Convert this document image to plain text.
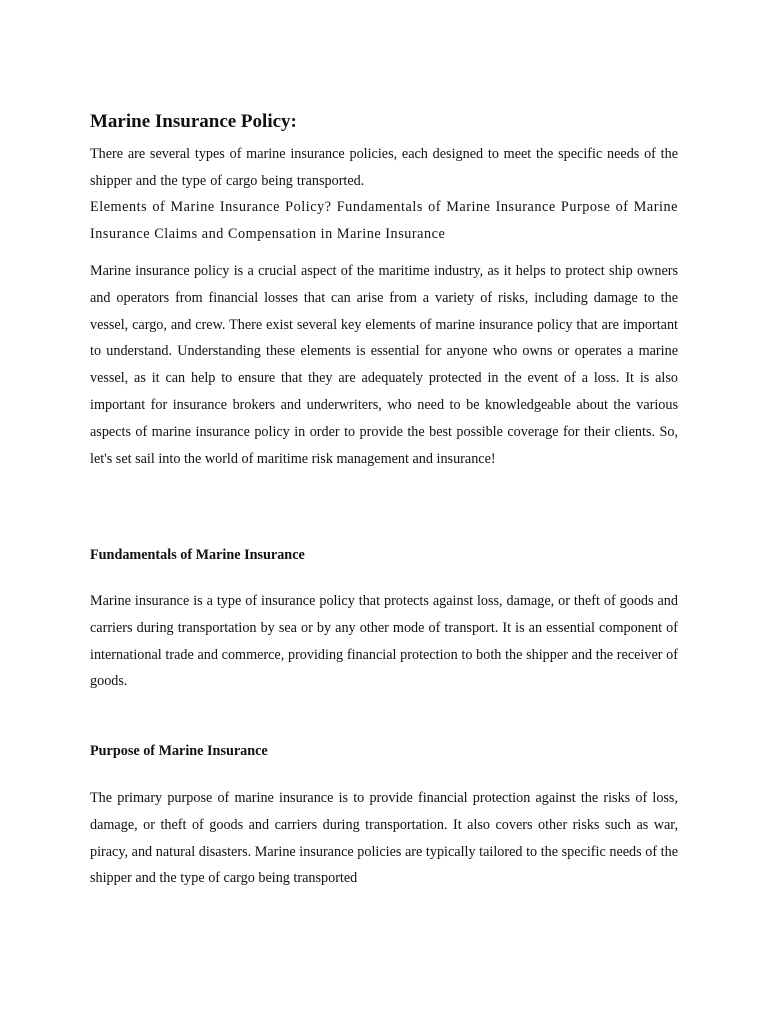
Marine Insurance Policy:

There are several types of marine insurance policies, each designed to meet the specific needs of the shipper and the type of cargo being transported.

Elements of Marine Insurance Policy? Fundamentals of Marine Insurance Purpose of Marine Insurance Claims and Compensation in Marine Insurance

Marine insurance policy is a crucial aspect of the maritime industry, as it helps to protect ship owners and operators from financial losses that can arise from a variety of risks, including damage to the vessel, cargo, and crew. There exist several key elements of marine insurance policy that are important to understand. Understanding these elements is essential for anyone who owns or operates a marine vessel, as it can help to ensure that they are adequately protected in the event of a loss. It is also important for insurance brokers and underwriters, who need to be knowledgeable about the various aspects of marine insurance policy in order to provide the best possible coverage for their clients. So, let's set sail into the world of maritime risk management and insurance!

Fundamentals of Marine Insurance

Marine insurance is a type of insurance policy that protects against loss, damage, or theft of goods and carriers during transportation by sea or by any other mode of transport. It is an essential component of international trade and commerce, providing financial protection to both the shipper and the receiver of goods.

Purpose of Marine Insurance

The primary purpose of marine insurance is to provide financial protection against the risks of loss, damage, or theft of goods and carriers during transportation. It also covers other risks such as war, piracy, and natural disasters. Marine insurance policies are typically tailored to the specific needs of the shipper and the type of cargo being transported
